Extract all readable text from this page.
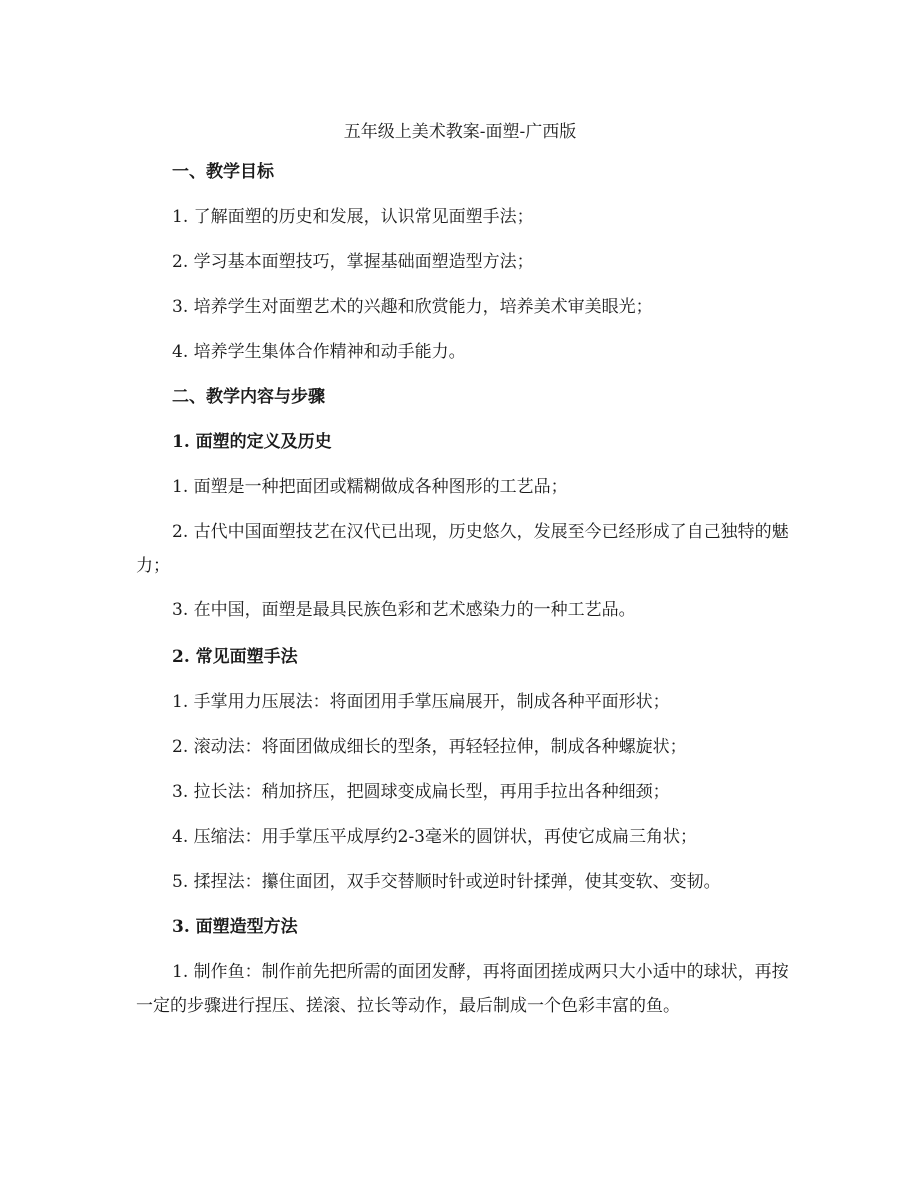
五年级上美术教案-面塑-广西版
一、教学目标
1. 了解面塑的历史和发展，认识常见面塑手法；
2. 学习基本面塑技巧，掌握基础面塑造型方法；
3. 培养学生对面塑艺术的兴趣和欣赏能力，培养美术审美眼光；
4. 培养学生集体合作精神和动手能力。
二、教学内容与步骤
1. 面塑的定义及历史
1. 面塑是一种把面团或糯糊做成各种图形的工艺品；
2. 古代中国面塑技艺在汉代已出现，历史悠久，发展至今已经形成了自己独特的魅力；
3. 在中国，面塑是最具民族色彩和艺术感染力的一种工艺品。
2. 常见面塑手法
1. 手掌用力压展法：将面团用手掌压扁展开，制成各种平面形状；
2. 滚动法：将面团做成细长的型条，再轻轻拉伸，制成各种螺旋状；
3. 拉长法：稍加挤压，把圆球变成扁长型，再用手拉出各种细颈；
4. 压缩法：用手掌压平成厚约2-3毫米的圆饼状，再使它成扁三角状；
5. 揉捏法：攥住面团，双手交替顺时针或逆时针揉弹，使其变软、变韧。
3. 面塑造型方法
1. 制作鱼：制作前先把所需的面团发酵，再将面团搓成两只大小适中的球状，再按一定的步骤进行捏压、搓滚、拉长等动作，最后制成一个色彩丰富的鱼。
